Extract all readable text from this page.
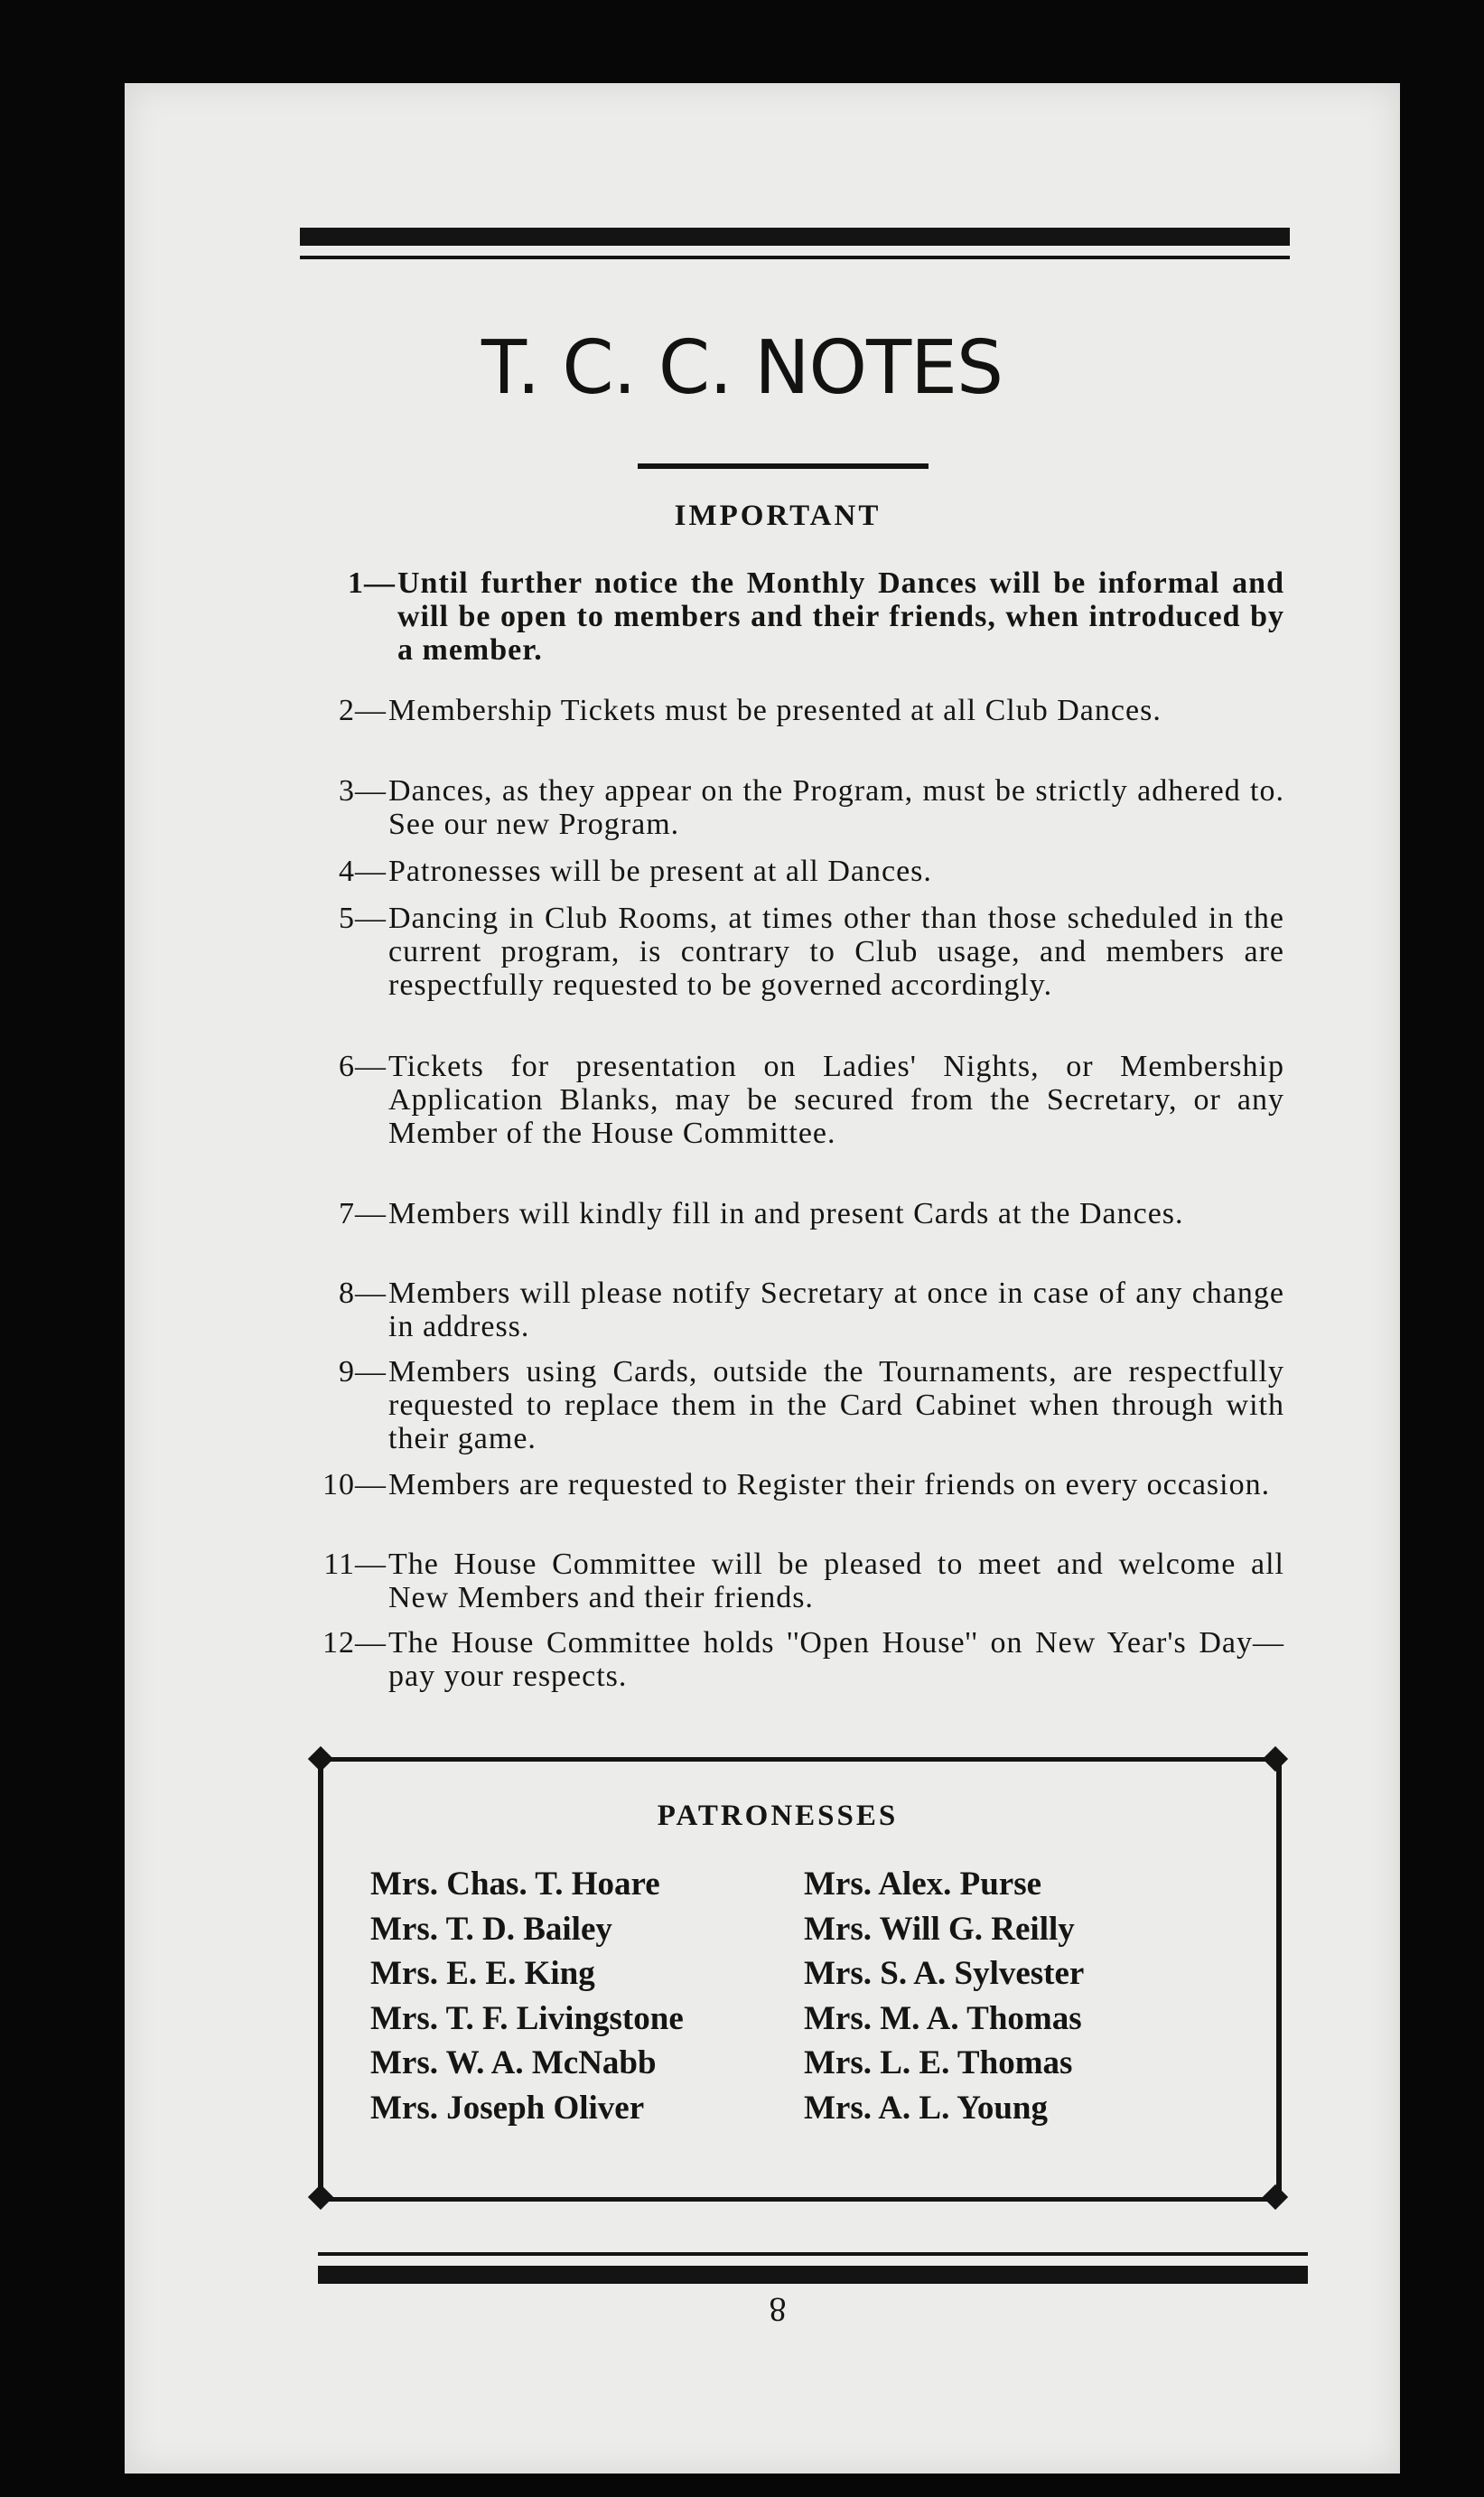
T. C. C. NOTES
IMPORTANT
1— Until further notice the Monthly Dances will be informal and will be open to members and their friends, when introduced by a member.
2— Membership Tickets must be presented at all Club Dances.
3— Dances, as they appear on the Program, must be strictly adhered to. See our new Program.
4— Patronesses will be present at all Dances.
5— Dancing in Club Rooms, at times other than those scheduled in the current program, is contrary to Club usage, and members are respectfully requested to be governed accordingly.
6— Tickets for presentation on Ladies' Nights, or Membership Application Blanks, may be secured from the Secretary, or any Member of the House Committee.
7— Members will kindly fill in and present Cards at the Dances.
8— Members will please notify Secretary at once in case of any change in address.
9— Members using Cards, outside the Tournaments, are respectfully requested to replace them in the Card Cabinet when through with their game.
10— Members are requested to Register their friends on every occasion.
11— The House Committee will be pleased to meet and welcome all New Members and their friends.
12— The House Committee holds ''Open House'' on New Year's Day—pay your respects.
PATRONESSES
Mrs. Chas. T. Hoare
Mrs. T. D. Bailey
Mrs. E. E. King
Mrs. T. F. Livingstone
Mrs. W. A. McNabb
Mrs. Joseph Oliver
Mrs. Alex. Purse
Mrs. Will G. Reilly
Mrs. S. A. Sylvester
Mrs. M. A. Thomas
Mrs. L. E. Thomas
Mrs. A. L. Young
8
